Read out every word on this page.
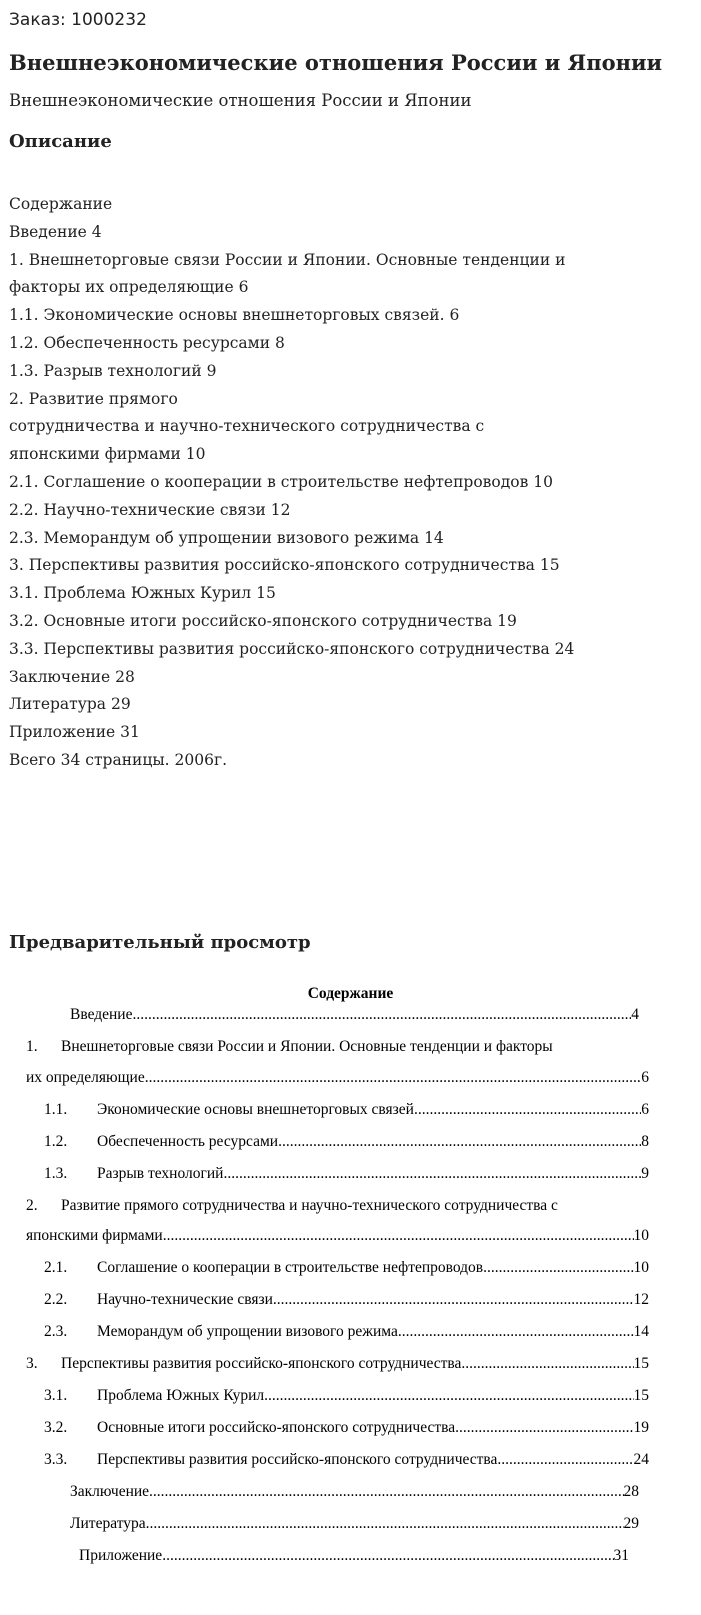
Заказ: 1000232
Внешнеэкономические отношения России и Японии

Внешнеэкономические отношения России и Японии

Описание
Содержание
Введение 4
1. Внешнеторговые связи России и Японии. Основные тенденции и
факторы их определяющие 6
1.1. Экономические основы внешнеторговых связей. 6
1.2. Обеспеченность ресурсами 8
1.3. Разрыв технологий 9
2. Развитие прямого
сотрудничества и научно-технического сотрудничества с
японскими фирмами 10
2.1. Соглашение о кооперации в строительстве нефтепроводов 10
2.2. Научно-технические связи 12
2.3. Меморандум об упрощении визового режима 14
3. Перспективы развития российско-японского сотрудничества 15
3.1. Проблема Южных Курил 15
3.2. Основные итоги российско-японского сотрудничества 19
3.3. Перспективы развития российско-японского сотрудничества 24
Заключение 28
Литература 29
Приложение 31
Всего 34 страницы. 2006г.
Предварительный просмотр
Содержание
Введение .....	4
1. Внешнеторговые связи России и Японии. Основные тенденции и факторы
их определяющие .....	6
1.1. Экономические основы внешнеторговых связей. .....	6
1.2. Обеспеченность ресурсами .....	8
1.3. Разрыв технологий .....	9
2. Развитие прямого сотрудничества и научно-технического сотрудничества с
японскими фирмами .....	10
2.1. Соглашение о кооперации в строительстве нефтепроводов .....	10
2.2. Научно-технические связи .....	12
2.3. Меморандум об упрощении визового режима .....	14
3. Перспективы развития российско-японского сотрудничества .....	15
3.1. Проблема Южных Курил .....	15
3.2. Основные итоги российско-японского сотрудничества .....	19
3.3. Перспективы развития российско-японского сотрудничества .....	24
Заключение .....	28
Литература .....	29
Приложение .....	31
